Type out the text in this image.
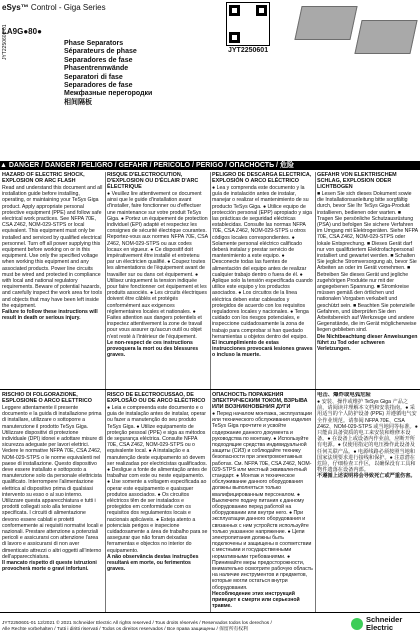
eSys™ Control - Giga Series
LA9G●80●
JYT2250601-01	JYT2250601
Phase Separators
Séparateurs de phase
Separadores de fase
Phasentrennwände
Separatori di fase
Separadores de fase
Межфазные перегородки
相间隔板
▲ DANGER / DANGER / PELIGRO / GEFAHR / PERICOLO / PERIGO / ОПАСНОСТЬ / 危险
HAZARD OF ELECTRIC SHOCK, EXPLOSION OR ARC FLASH

Read and understand this document and all installation guide before installing, operating, or maintaining your TeSys Giga product. Apply appropriate personal protective equipment (PPE) and follow safe electrical work practices. See NFPA 70E, CSA Z462, NOM-029-STPS or local equivalent. This equipment must only be installed and serviced by qualified electrical personnel. Turn off all power supplying this equipment before working on or in this equipment. Use only the specified voltage when working this equipment and any associated products. Power line circuits must be wired and protected in compliance with local and national regulatory requirements. Beware of potential hazards, and carefully inspect the work area for tools and objects that may have been left inside the equipment.

Failure to follow these instructions will result in death or serious injury.

RISQUE D'ÉLECTROCUTION, D'EXPLOSION OU D'ÉCLAIR D'ARC ÉLECTRIQUE

● Veuillez lire attentivement ce document ainsi que le guide d'installation avant d'installer, faire fonctionner ou d'effectuer une maintenance sur votre produit TeSys Giga. ● Portez un équipement de protection individuel (EPI) adapté et respectez les consignes de sécurité électrique courantes. Reportez-vous aux normes NFPA 70E, CSA Z462, NOM-029-STPS ou aux codes locaux en vigueur. ● Ce dispositif doit impérativement être installé et entretenu par un électricien qualifié. ● Coupez toutes les alimentations de l'équipement avant de travailler sur ou dans cet équipement. ● Utilisez uniquement la tension indiquée pour faire fonctionner cet équipement et les produits associés. ● Les circuits électriques doivent être câblés et protégés conformément aux exigences réglementaires locales et nationales. ● Faites attention aux dangers potentiels et inspectez attentivement la zone de travail pour vous assurer qu'aucun outil ou objet n'est resté à l'intérieur de l'équipement.

Le non-respect de ces instructions provoquera la mort ou des blessures graves.

PELIGRO DE DESCARGA ELÉCTRICA, EXPLOSIÓN O ARCO ELÉCTRICO

● Lea y comprenda este documento y la guía de instalación antes de instalar, manejar o realizar el mantenimiento de su producto TeSys Giga. ● Utilice equipo de protección personal (EPP) apropiado y siga las prácticas de seguridad eléctricas establecidas. Consulte las normas NFPA 70E, CSA Z462, NOM-029-STPS u otros códigos locales correspondientes. ● Solamente personal eléctrico calificado deberá instalar y prestar servicio de mantenimiento a este equipo. ● Desconecte todas las fuentes de alimentación del equipo antes de realizar cualquier trabajo dentro o fuera de él. ● Aplique solo la tensión especificada cuando utilice este equipo y los productos asociados. ● Los circuitos de la línea eléctrica deben estar cableados y protegidos de acuerdo con los requisitos reguladores locales y nacionales. ● Tenga cuidado con los riesgos potenciales, e inspeccione cuidadosamente la zona de trabajo para comprobar si han quedado herramientas u objetos dentro del equipo.

El incumplimiento de estas instrucciones provocará lesiones graves o incluso la muerte.

GEFAHR VON ELEKTRISCHEM SCHLAG, EXPLOSION ODER LICHTBOGEN

■ Lesen Sie sich dieses Dokument sowie die Installationsanleitung bitte sorgfältig durch, bevor Sie Ihr TeSys Giga-Produkt installieren, bedienen oder warten. ■ Tragen Sie persönliche Schutzausrüstung (PSA) und befolgen Sie sichere Verfahren im Umgang mit Elektrogeräten. Siehe NFPA 70E, CSA Z462, NOM-029-STPS oder lokale Entsprechung. ■ Dieses Gerät darf nur von qualifiziertem Elektrofachpersonal installiert und gewartet werden. ■ Schalten Sie jegliche Stromversorgung ab, bevor Sie Arbeiten an oder im Gerät vornehmen. ■ Betreiben Sie dieses Gerät und jegliche zugehörigen Produkte nur mit der angegebenen Spannung. ■ Stromkreise müssen gemäß den örtlichen und nationalen Vorgaben verkabelt und geschützt sein. ■ Beachten Sie potenzielle Gefahren, und überprüfen Sie den Arbeitsbereich auf Werkzeuge und andere Gegenstände, die im Gerät möglicherweise liegen geblieben sind.

Die Nichtbeachtung dieser Anweisungen führt zu Tod oder schweren Verletzungen.

RISCHIO DI FOLGORAZIONE, ESPLOSIONE O ARCO ELETTRICO

Leggere attentamente il presente documento e la guida di installazione prima di installare, utilizzare o sottoporre a manutenzione il prodotto TeSys Giga. Utilizzare dispositivi di protezione individuale (DPI) idonei e adottare misure di sicurezza adeguate per lavori elettrici. Vedere le normative NFPA 70E, CSA Z462, NOM-029-STPS o le norme equivalenti nel paese di installazione. Questo dispositivo deve essere installato e sottoposto a manutenzione solo da personale elettricista qualificato. Interrompere l'alimentazione elettrica al dispositivo prima di qualsiasi intervento su esso o al suo interno. Utilizzare questa apparecchiatura e tutti i prodotti collegati solo alla tensione specificata. I circuiti di alimentazione devono essere cablati e protetti conformemente ai requisiti normativi locali e nazionali. Prestare attenzione a potenziali pericoli e assicurarsi con attenzione l'area di lavoro e assicurarsi di non aver dimenticato attrezzi o altri oggetti all'interno dell'apparecchiatura.

Il mancato rispetto di queste istruzioni provocherà morte o gravi infortuni.

RISCO DE ELECTROCUSSÃO, DE EXPLOSÃO OU DE ARCO ELÉCTRICO

● Leia e compreenda este documento e o guia de instalação antes de instalar, operar ou fazer a manutenção do seu produto TeSys Giga. ● Utilize equipamento de proteção pessoal (PPE) e siga as métodos de segurança eléctrica. Consulte NFPA 70E, CSA Z462, NOM-029-STPS ou o equivalente local. ● A instalação e a manutenção deste equipamento só devem ser realizadas por electricistas qualificados. ● Desligue a fonte de alimentação antes de trabalhar com este ou neste equipamento. ● Use somente a voltagem especificada ao operar este equipamento e quaisquer produtos associados. ● Os circuitos eléctricos têm de ser instalados e protegidos em conformidade com os requisitos dos regulamentos locais e nacionais aplicáveis. ● Esteja atento a potenciais perigos e inspecione cuidadosamente a área de trabalho para se assegurar que não foram deixadas ferramentas e objectos no interior do equipamento.

A não observância destas instruções resultará em morte, ou ferimentos graves.

ОПАСНОСТЬ ПОРАЖЕНИЯ ЭЛЕКТРИЧЕСКИМ ТОКОМ, ВЗРЫВА ИЛИ ВОЗНИКНОВЕНИЯ ДУГИ

● Перед началом монтажа, эксплуатации или технического обслуживания изделия TeSys Giga прочтите и усвойте содержание данного документа и руководства по монтажу. ● Используйте подходящие средства индивидуальной защиты (СИЗ) и соблюдайте технику безопасности при электромонтажных работах. См. NFPA 70E, CSA Z462, NOM-029-STPS или местный эквивалентный стандарт. ● Монтаж и техническое обслуживание данного оборудования должны выполняться только квалифицированным персоналом. ● Выключите подачу питания к данному оборудованию перед работой на оборудовании или внутри него. ● При эксплуатации данного оборудования и связанных с ним устройств используйте только указанное напряжение. ● Цепи электропитания должны быть подключены и защищены в соответствии с местными и государственными нормативными требованиями. ● Принимайте меры предосторожности, внимательно осмотрите рабочую область на наличие инструментов и предметов, которые могли остаться внутри оборудования.

Несоблюдение этих инструкций приведет к смерти или серьезной травме.

电击、爆炸或电弧危险

● 安装、操作或维护 TeSys Giga 产品之前，请阅读并理解本文档和安装指南。● 采用适当的个人防护设备 (PPE) 并遵循电气安全作业规范。请参阅 NFPA 70E、CSA Z462、NOM-029-STPS 或当地同等标准。● 只能由具备资质的电工来安装和维修本设备。● 在设备上或设备内作业前，应断开所有电源。● 仅使用指定的电压操作此设备及任何关联产品。● 电源线路必须按照当地和国家法规要求进行接线和保护。● 注意潜在危险，仔细检查工作区，以确保没有工具和物件遗落在设备内部。

不遵循上述说明将会导致死亡或严重伤害。

JYT2250601-01 12/2021 © 2021 Schneider Electric All rights reserved / Tous droits réservés / Reservados todos los derechos /
Alle Rechte vorbehalten / Tutti i diritti riservati / Todos os direitos reservados / Все права защищены / 保留所有权利
Schneider
Electric
